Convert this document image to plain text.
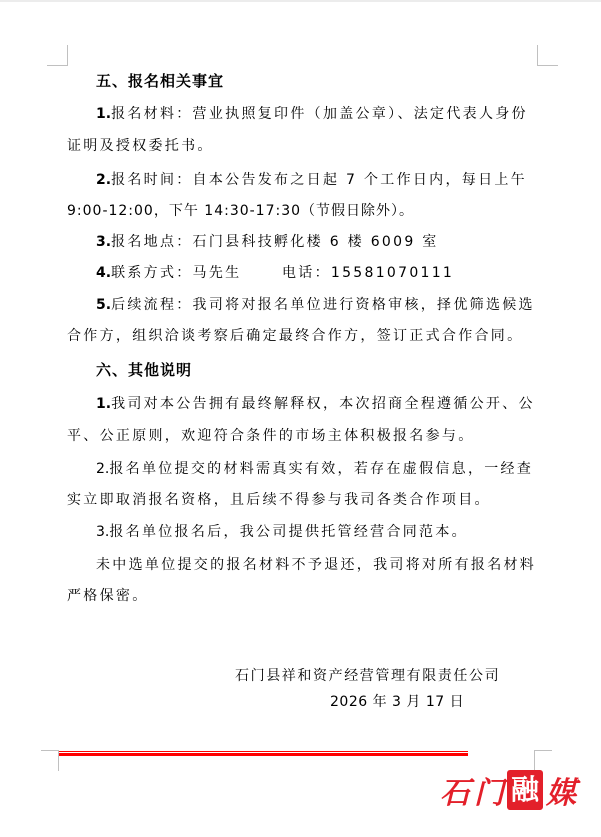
五、报名相关事宜
1.报名材料：营业执照复印件（加盖公章）、法定代表人身份
证明及授权委托书。
2.报名时间：自本公告发布之日起 7 个工作日内，每日上午
9:00-12:00，下午 14:30-17:30（节假日除外）。
3.报名地点：石门县科技孵化楼 6 楼 6009 室
4.联系方式：马先生      电话：15581070111
5.后续流程：我司将对报名单位进行资格审核，择优筛选候选
合作方，组织洽谈考察后确定最终合作方，签订正式合作合同。
六、其他说明
1.我司对本公告拥有最终解释权，本次招商全程遵循公开、公
平、公正原则，欢迎符合条件的市场主体积极报名参与。
2.报名单位提交的材料需真实有效，若存在虚假信息，一经查
实立即取消报名资格，且后续不得参与我司各类合作项目。
3.报名单位报名后，我公司提供托管经营合同范本。
未中选单位提交的报名材料不予退还，我司将对所有报名材料
严格保密。
石门县祥和资产经营管理有限责任公司
2026 年 3 月 17 日
石 门 融 媒
